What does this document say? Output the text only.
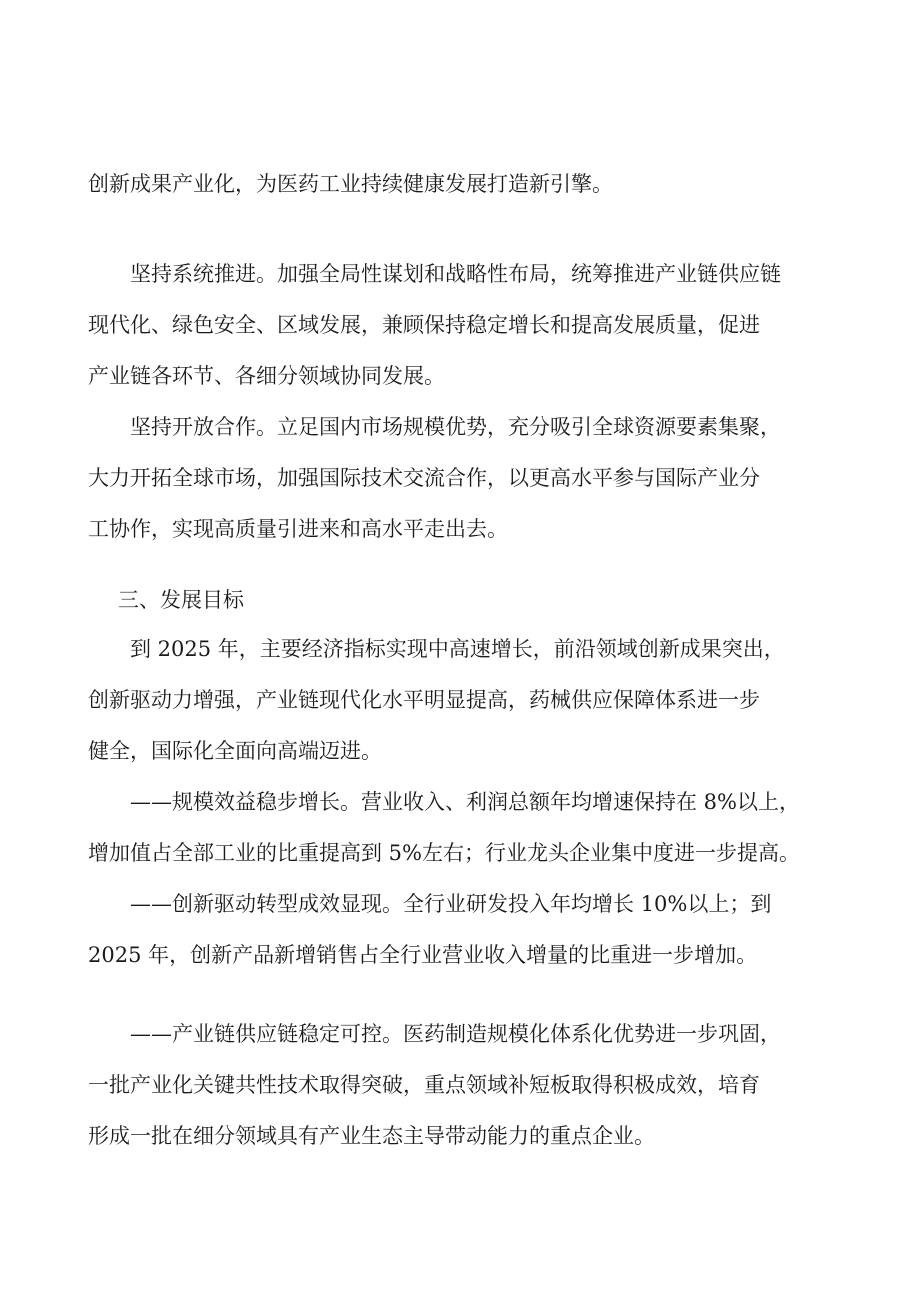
创新成果产业化，为医药工业持续健康发展打造新引擎。
坚持系统推进。加强全局性谋划和战略性布局，统筹推进产业链供应链
现代化、绿色安全、区域发展，兼顾保持稳定增长和提高发展质量，促进
产业链各环节、各细分领域协同发展。
坚持开放合作。立足国内市场规模优势，充分吸引全球资源要素集聚，
大力开拓全球市场，加强国际技术交流合作，以更高水平参与国际产业分
工协作，实现高质量引进来和高水平走出去。
三、发展目标
到 2025 年，主要经济指标实现中高速增长，前沿领域创新成果突出，
创新驱动力增强，产业链现代化水平明显提高，药械供应保障体系进一步
健全，国际化全面向高端迈进。
——规模效益稳步增长。营业收入、利润总额年均增速保持在 8%以上，
增加值占全部工业的比重提高到 5%左右；行业龙头企业集中度进一步提高。
——创新驱动转型成效显现。全行业研发投入年均增长 10%以上；到
2025 年，创新产品新增销售占全行业营业收入增量的比重进一步增加。
——产业链供应链稳定可控。医药制造规模化体系化优势进一步巩固，
一批产业化关键共性技术取得突破，重点领域补短板取得积极成效，培育
形成一批在细分领域具有产业生态主导带动能力的重点企业。
